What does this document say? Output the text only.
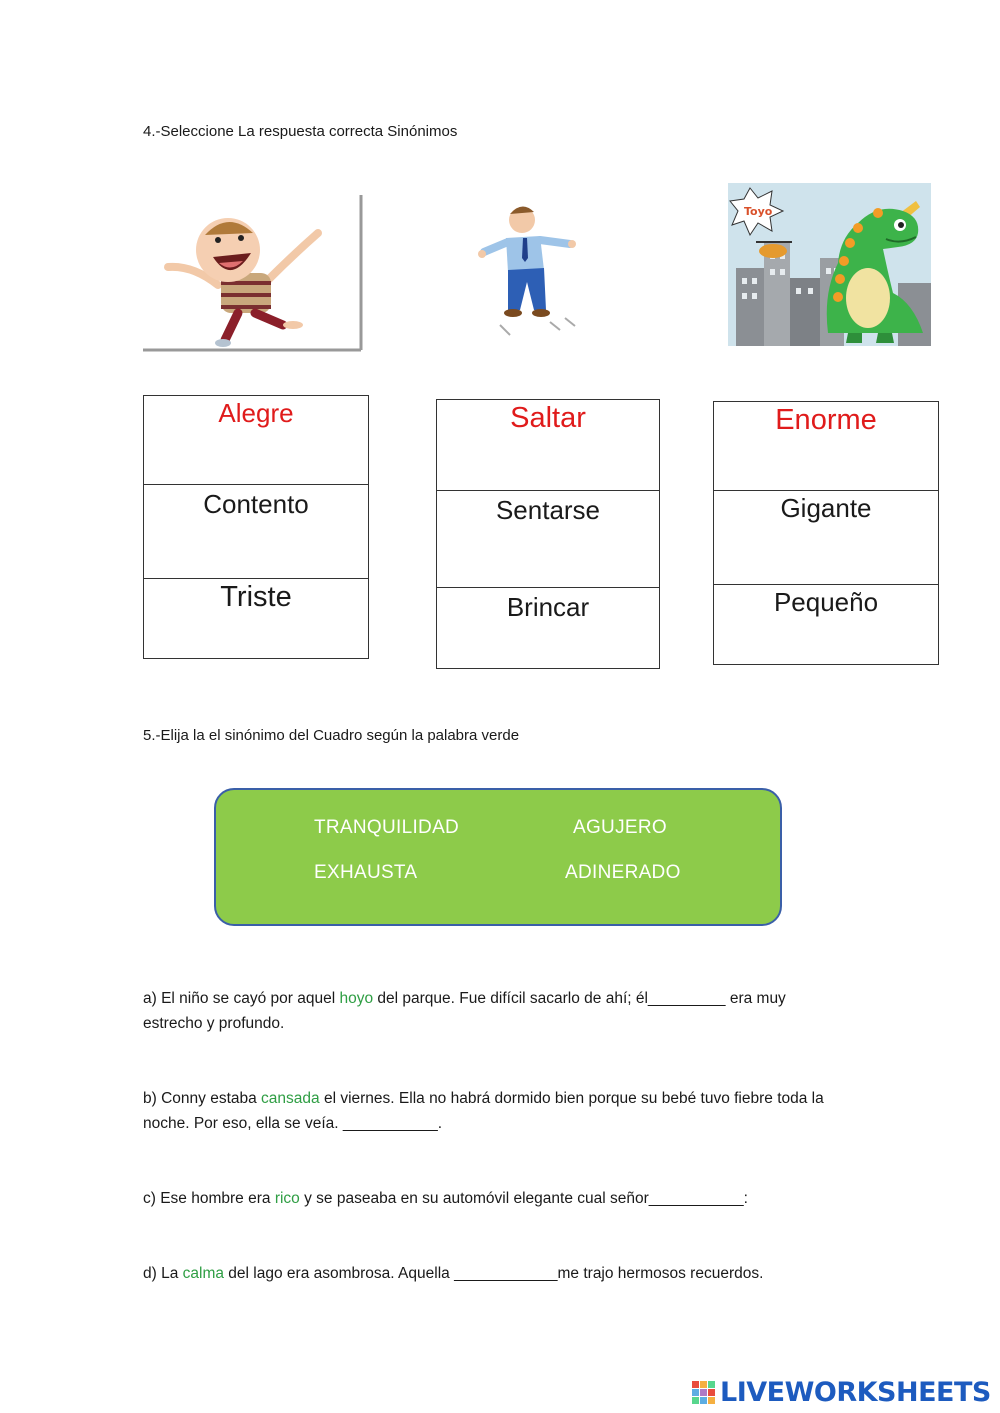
4.-Seleccione La respuesta correcta Sinónimos
Toyo
Alegre
Contento
Triste
Saltar
Sentarse
Brincar
Enorme
Gigante
Pequeño
5.-Elija la el sinónimo del Cuadro según la palabra verde
TRANQUILIDAD	AGUJERO
EXHAUSTA	ADINERADO
a) El niño se cayó por aquel hoyo del parque. Fue difícil sacarlo de ahí; él_________ era muy estrecho y profundo.
b) Conny estaba cansada el viernes. Ella no habrá dormido bien porque su bebé tuvo fiebre toda la noche. Por eso, ella se veía. ___________.
c) Ese hombre era rico y se paseaba en su automóvil elegante cual señor___________:
d) La calma del lago era asombrosa. Aquella ____________me trajo hermosos recuerdos.
LIVEWORKSHEETS
